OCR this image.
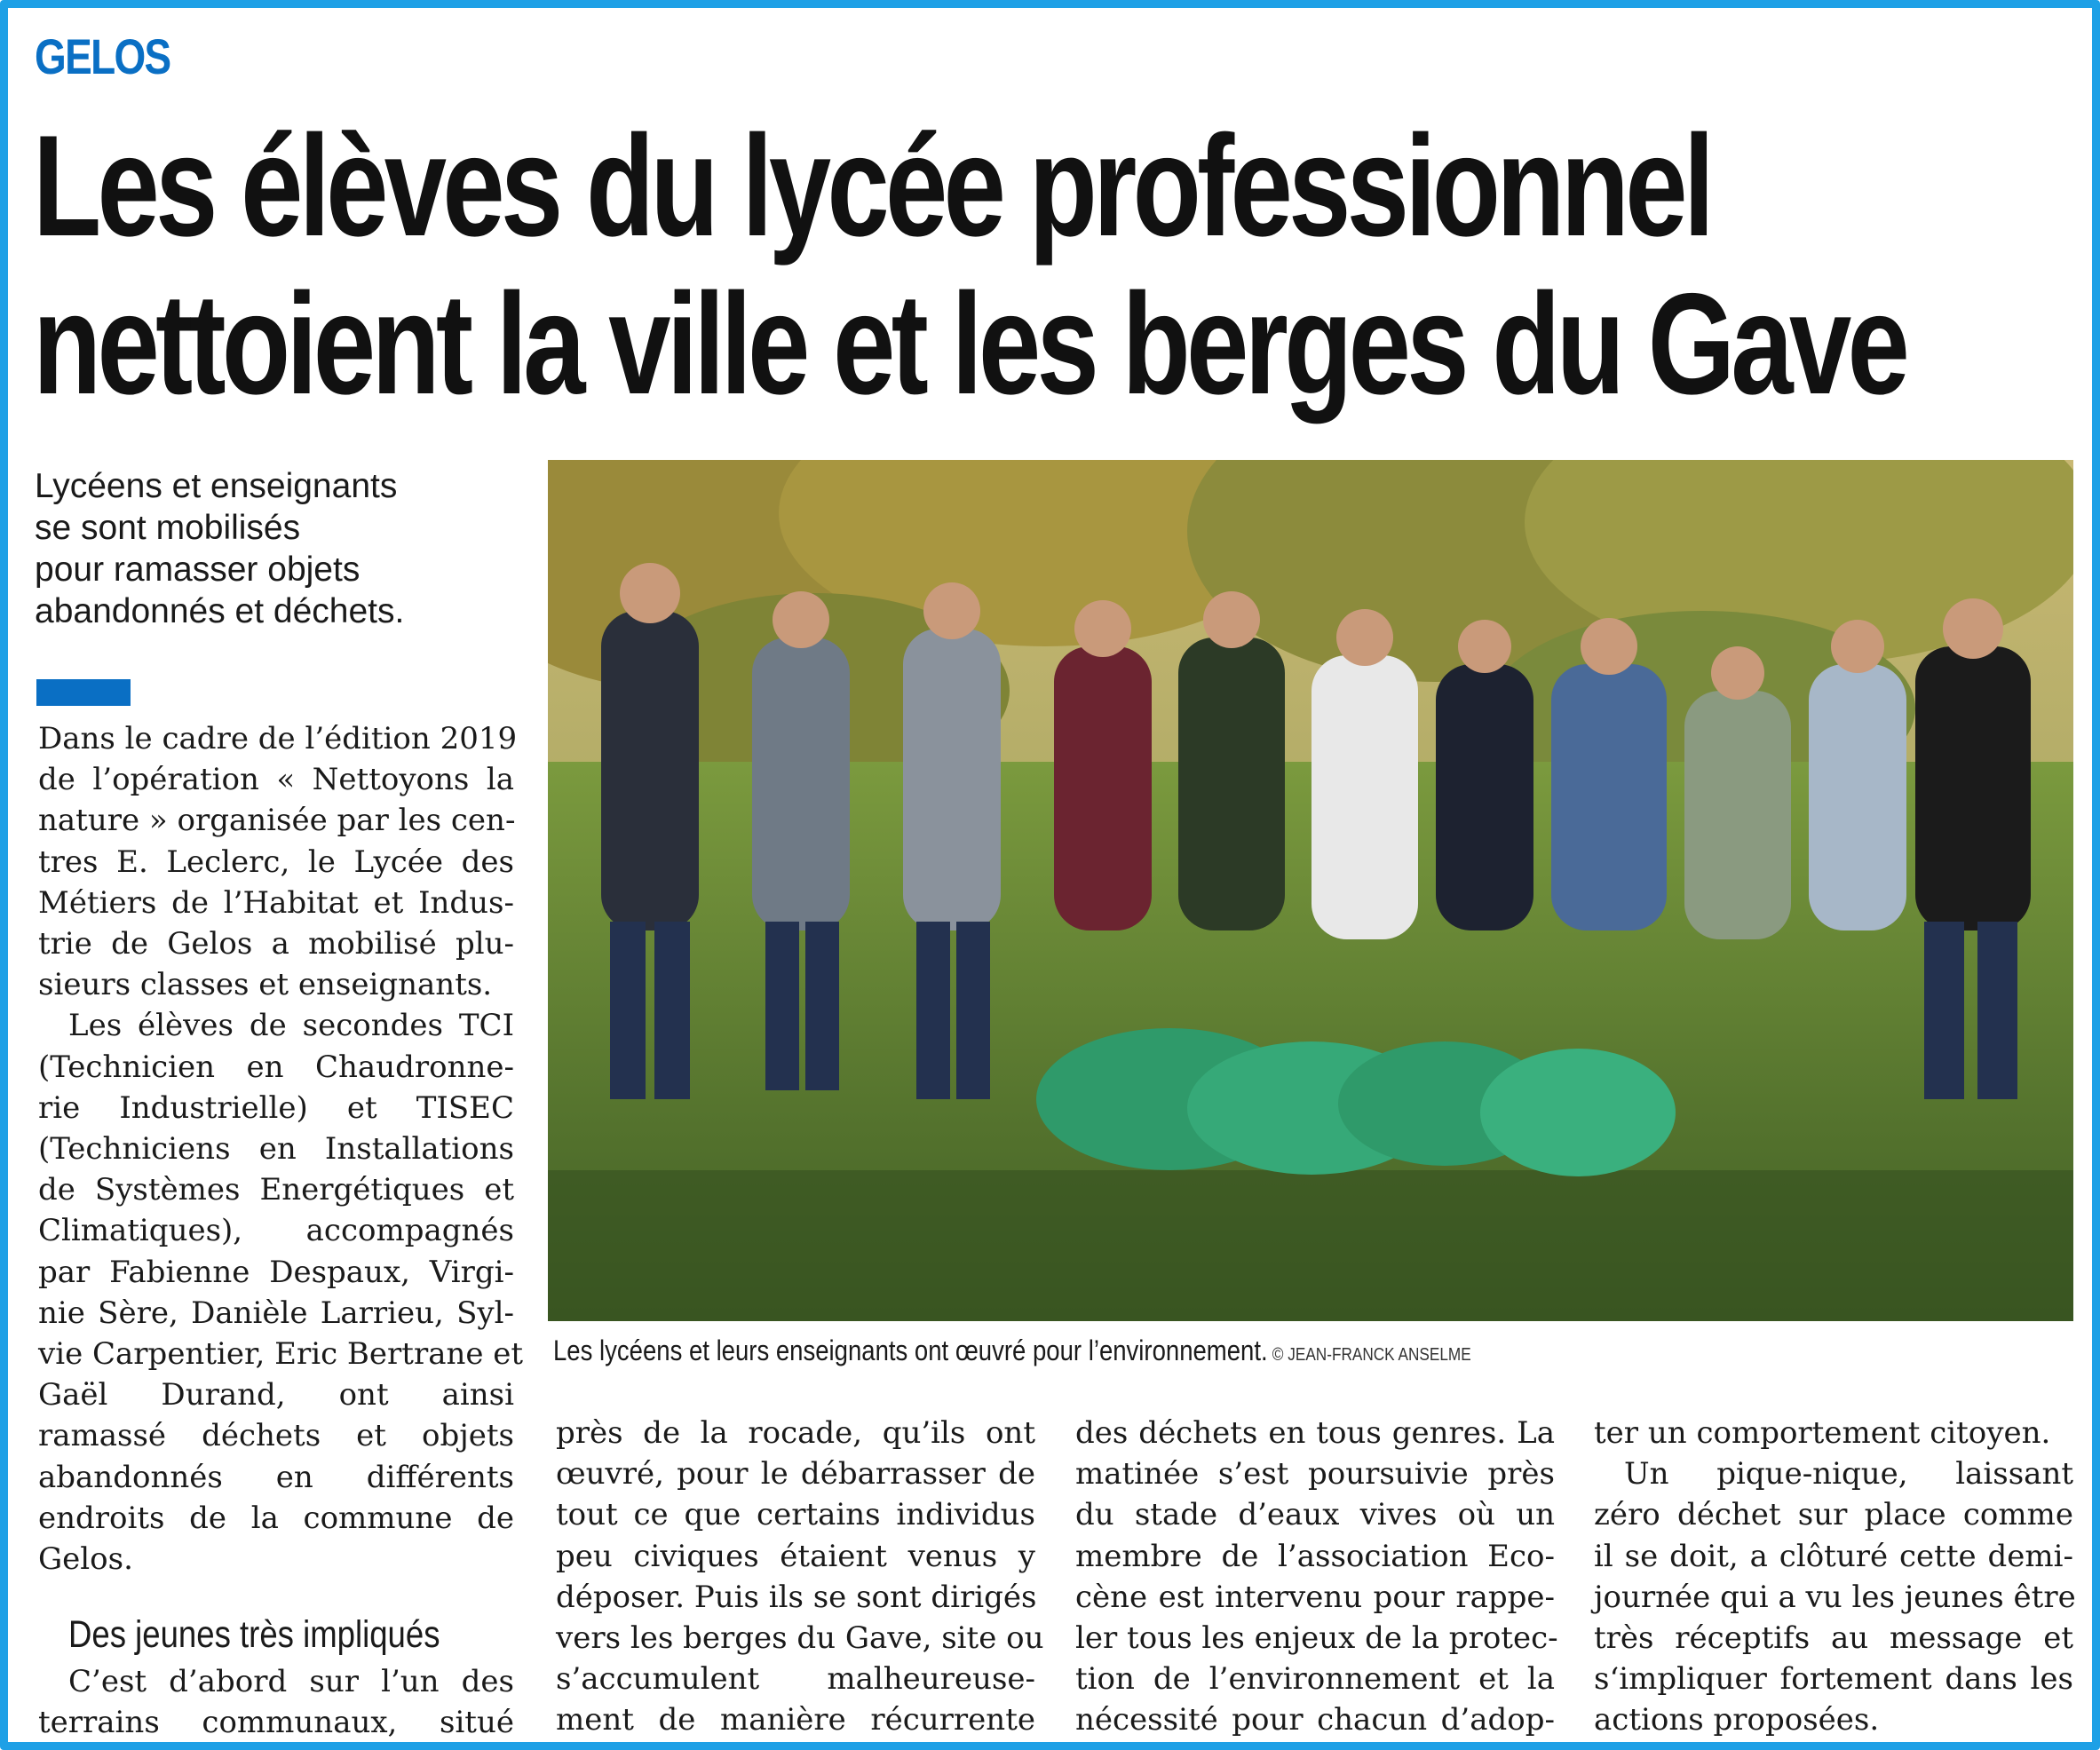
GELOS
Les élèves du lycée professionnel
nettoient la ville et les berges du Gave
Lycéens et enseignants
se sont mobilisés
pour ramasser objets
abandonnés et déchets.
Dans le cadre de l’édition 2019
de l’opération « Nettoyons la
nature » organisée par les cen-
tres E. Leclerc, le Lycée des
Métiers de l’Habitat et Indus-
trie de Gelos a mobilisé plu-
sieurs classes et enseignants.
Les élèves de secondes TCI
(Technicien en Chaudronne-
rie Industrielle) et TISEC
(Techniciens en Installations
de Systèmes Energétiques et
Climatiques), accompagnés
par Fabienne Despaux, Virgi-
nie Sère, Danièle Larrieu, Syl-
vie Carpentier, Eric Bertrane et
Gaël Durand, ont ainsi
ramassé déchets et objets
abandonnés en différents
endroits de la commune de
Gelos.
Des jeunes très impliqués
C’est d’abord sur l’un des
terrains communaux, situé
Les lycéens et leurs enseignants ont œuvré pour l’environnement. © JEAN-FRANCK ANSELME
près de la rocade, qu’ils ont
œuvré, pour le débarrasser de
tout ce que certains individus
peu civiques étaient venus y
déposer. Puis ils se sont dirigés
vers les berges du Gave, site ou
s’accumulent malheureuse-
ment de manière récurrente
des déchets en tous genres. La
matinée s’est poursuivie près
du stade d’eaux vives où un
membre de l’association Eco-
cène est intervenu pour rappe-
ler tous les enjeux de la protec-
tion de l’environnement et la
nécessité pour chacun d’adop-
ter un comportement citoyen.
Un pique-nique, laissant
zéro déchet sur place comme
il se doit, a clôturé cette demi-
journée qui a vu les jeunes être
très réceptifs au message et
s‘impliquer fortement dans les
actions proposées.
